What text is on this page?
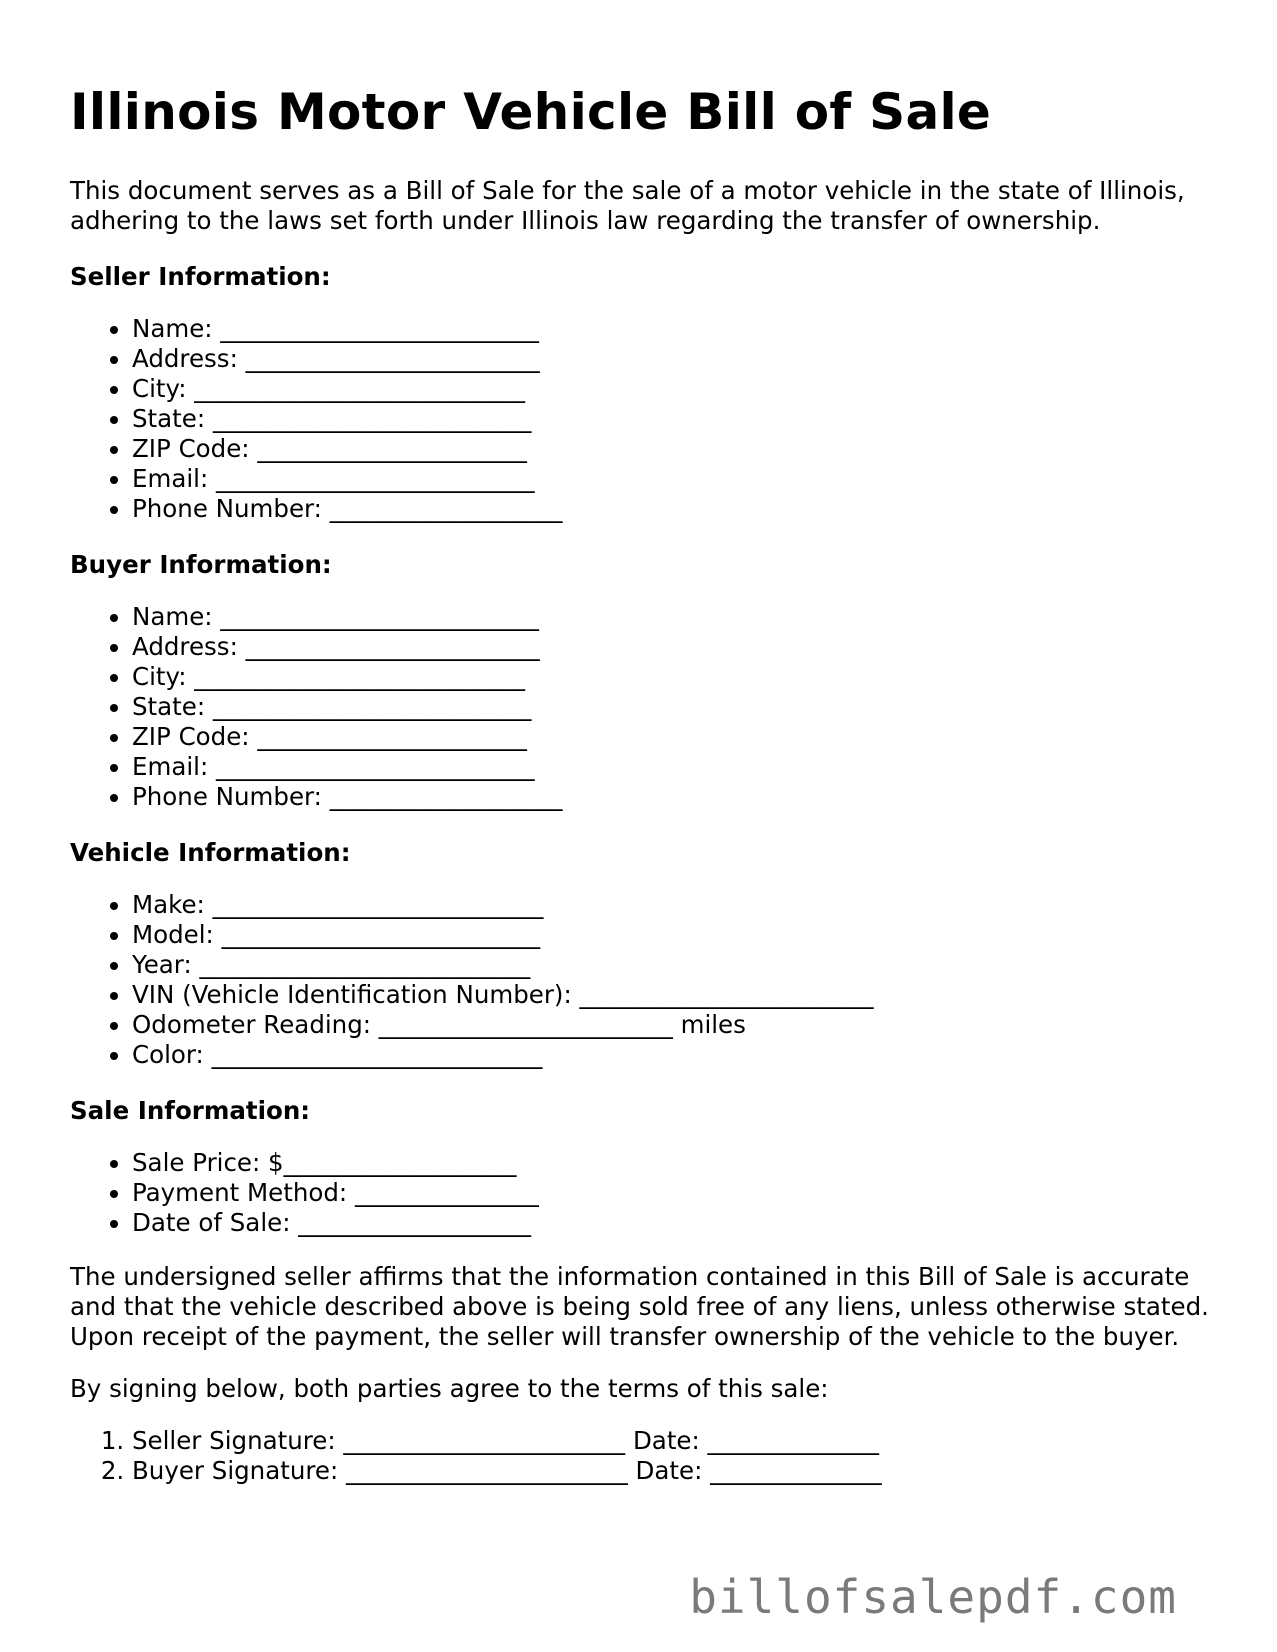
Illinois Motor Vehicle Bill of Sale

This document serves as a Bill of Sale for the sale of a motor vehicle in the state of Illinois, adhering to the laws set forth under Illinois law regarding the transfer of ownership.

Seller Information:
• Name: __________________________
• Address: ________________________
• City: ___________________________
• State: __________________________
• ZIP Code: ______________________
• Email: __________________________
• Phone Number: ___________________
Buyer Information:
• Name: __________________________
• Address: ________________________
• City: ___________________________
• State: __________________________
• ZIP Code: ______________________
• Email: __________________________
• Phone Number: ___________________
Vehicle Information:
• Make: ___________________________
• Model: __________________________
• Year: ___________________________
• VIN (Vehicle Identification Number): ________________________
• Odometer Reading: ________________________ miles
• Color: ___________________________
Sale Information:
• Sale Price: $___________________
• Payment Method: _______________
• Date of Sale: ___________________

The undersigned seller affirms that the information contained in this Bill of Sale is accurate and that the vehicle described above is being sold free of any liens, unless otherwise stated. Upon receipt of the payment, the seller will transfer ownership of the vehicle to the buyer.

By signing below, both parties agree to the terms of this sale:

1. Seller Signature: _______________________ Date: ______________
2. Buyer Signature: _______________________ Date: ______________
billofsalepdf.com
